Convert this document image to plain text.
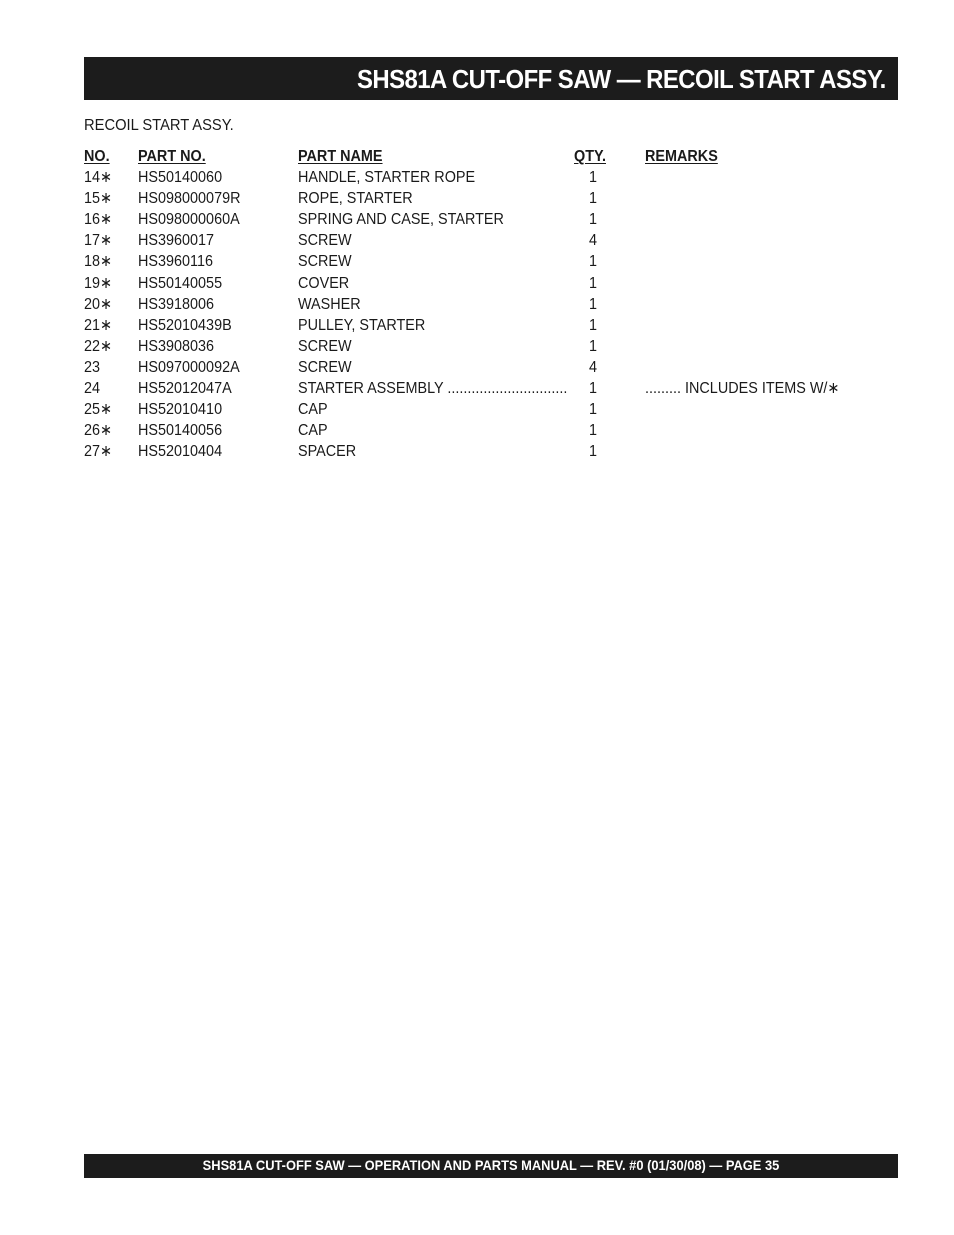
SHS81A CUT-OFF SAW — RECOIL START ASSY.
RECOIL START ASSY.
NO. PART NO.	PART NAME	QTY. REMARKS
14∗ HS50140060	HANDLE, STARTER ROPE	1
15∗ HS098000079R	ROPE, STARTER	1
16∗ HS098000060A	SPRING AND CASE, STARTER	1
17∗ HS3960017	SCREW	4
18∗ HS3960116	SCREW	1
19∗ HS50140055	COVER	1
20∗ HS3918006	WASHER	1
21∗ HS52010439B	PULLEY, STARTER	1
22∗ HS3908036	SCREW	1
23 HS097000092A	SCREW	4
24 HS52012047A	STARTER ASSEMBLY .............................. 1	......... INCLUDES ITEMS W/∗
25∗ HS52010410	CAP	1
26∗ HS50140056	CAP	1
27∗ HS52010404	SPACER	1
SHS81A CUT-OFF SAW — OPERATION AND PARTS MANUAL — REV. #0 (01/30/08) — PAGE 35
